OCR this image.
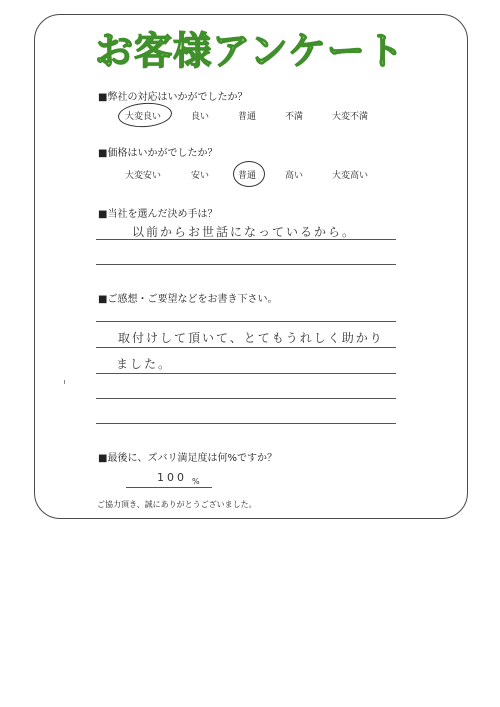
お客様アンケート
■弊社の対応はいかがでしたか？
大変良い	良い	普通	不満	大変不満
■価格はいかがでしたか？
大変安い	安い	普通	高い	大変高い
■当社を選んだ決め手は？
以前からお世話になっているから。
■ご感想・ご要望などをお書き下さい。
取付けして頂いて、とてもうれしく助かり
ました。
■最後に、ズバリ満足度は何%ですか？
100 %
ご協力頂き、誠にありがとうございました。
